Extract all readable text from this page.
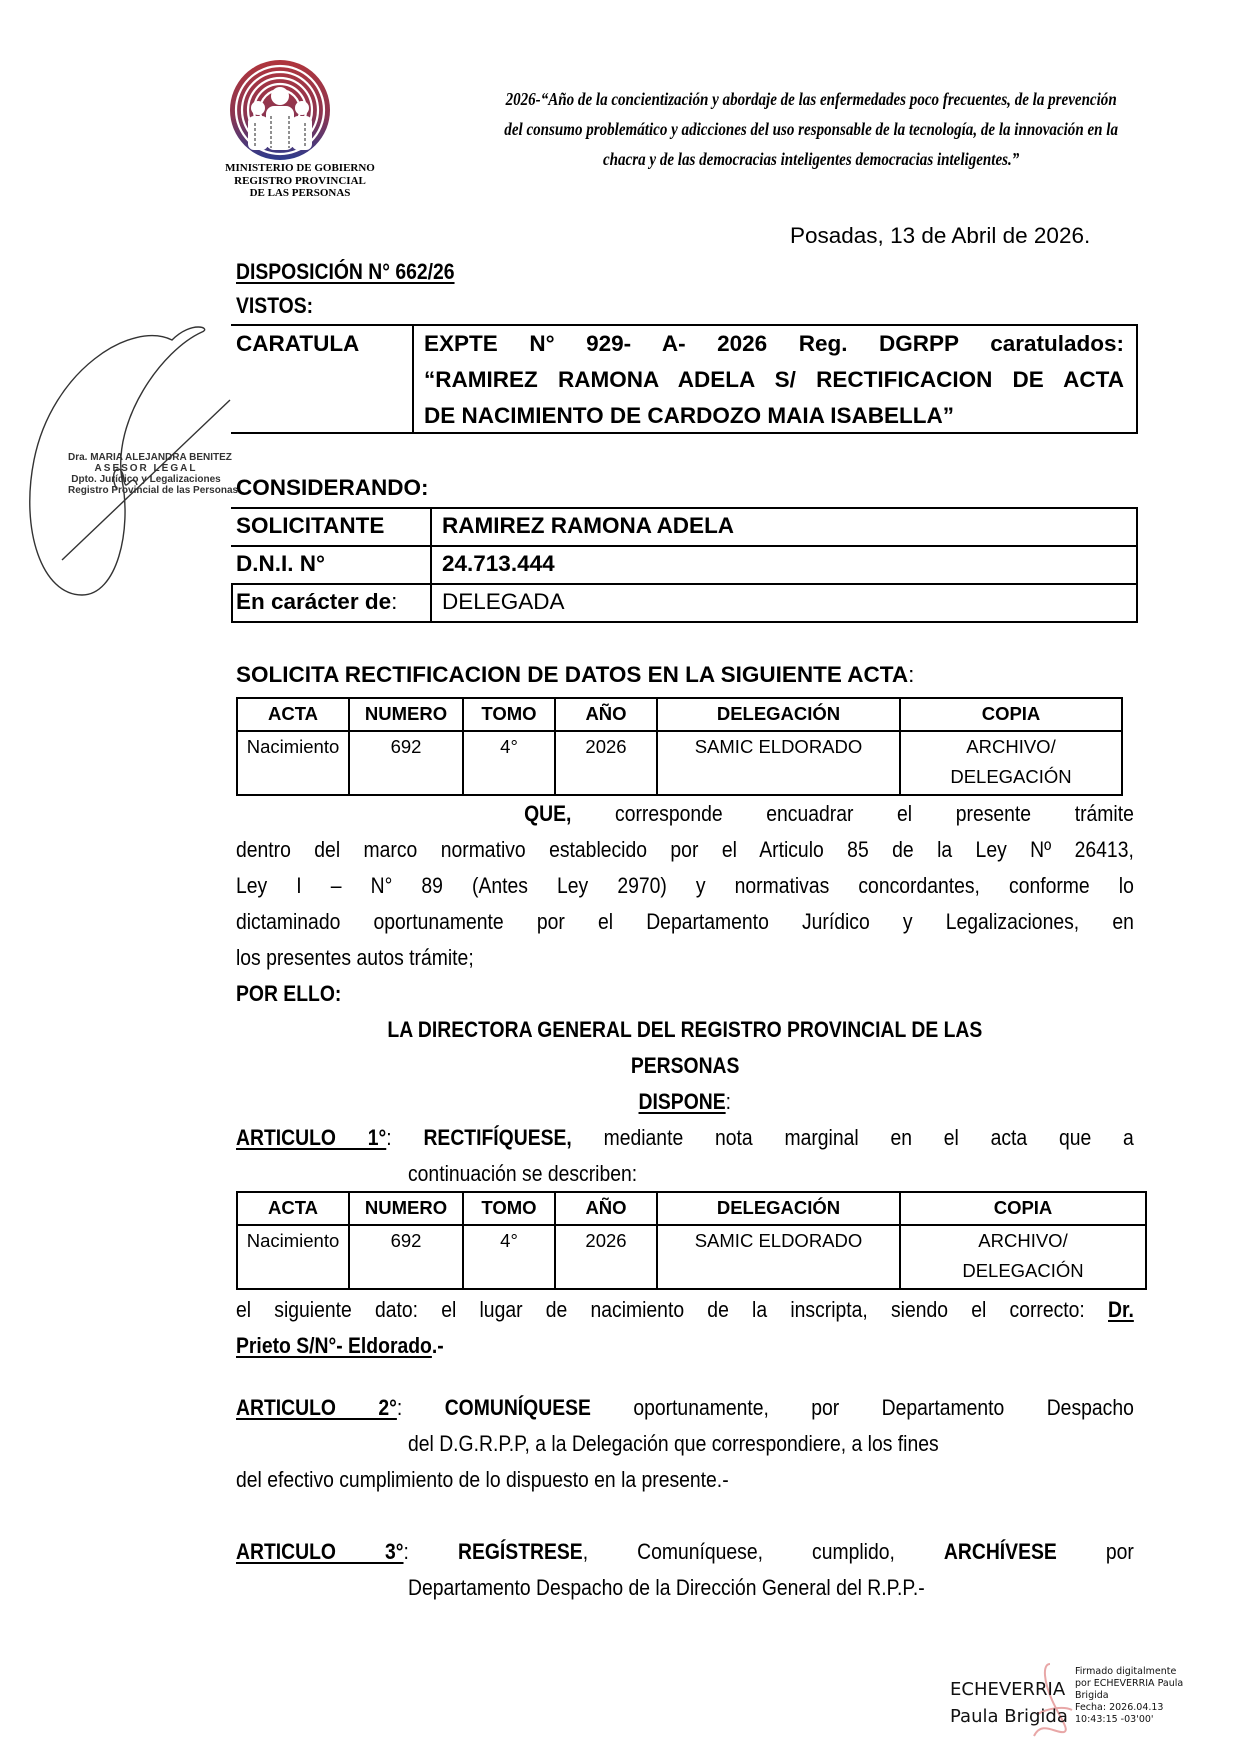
MINISTERIO DE GOBIERNO
REGISTRO PROVINCIAL
DE LAS PERSONAS
2026-“Año de la concientización y abordaje de las enfermedades poco frecuentes, de la prevención
del consumo problemático y adicciones del uso responsable de la tecnología, de la innovación en la
chacra y de las democracias inteligentes democracias inteligentes.”
Dra. MARIA ALEJANDRA BENITEZ
ASESOR LEGAL
Dpto. Jurídico y Legalizaciones
Registro Provincial de las Personas
Posadas, 13 de Abril de 2026.
DISPOSICIÓN N° 662/26
VISTOS:
CARATULA	EXPTE N° 929- A- 2026 Reg. DGRPP caratulados:
“RAMIREZ RAMONA ADELA S/ RECTIFICACION DE ACTA
DE NACIMIENTO DE CARDOZO MAIA ISABELLA”
CONSIDERANDO:
SOLICITANTE	RAMIREZ RAMONA ADELA
D.N.I. N°	24.713.444
En carácter de: DELEGADA
SOLICITA RECTIFICACION DE DATOS EN LA SIGUIENTE ACTA:
ACTA	NUMERO	TOMO	AÑO	DELEGACIÓN	COPIA
Nacimiento	692	4°	2026	SAMIC ELDORADO	ARCHIVO/
DELEGACIÓN
QUE, corresponde encuadrar el presente trámite
dentro del marco normativo establecido por el Articulo 85 de la Ley Nº 26413,
Ley I – N° 89 (Antes Ley 2970) y normativas concordantes, conforme lo
dictaminado oportunamente por el Departamento Jurídico y Legalizaciones, en
los presentes autos trámite;
POR ELLO:
LA DIRECTORA GENERAL DEL REGISTRO PROVINCIAL DE LAS
PERSONAS
DISPONE:
ARTICULO 1°: RECTIFÍQUESE, mediante nota marginal en el acta que a
continuación se describen:
ACTA	NUMERO	TOMO	AÑO	DELEGACIÓN	COPIA
Nacimiento	692	4°	2026	SAMIC ELDORADO	ARCHIVO/
DELEGACIÓN
el siguiente dato: el lugar de nacimiento de la inscripta, siendo el correcto: Dr.
Prieto S/N°- Eldorado.-
ARTICULO 2°: COMUNÍQUESE oportunamente, por Departamento Despacho
del D.G.R.P.P, a la Delegación que correspondiere, a los fines
del efectivo cumplimiento de lo dispuesto en la presente.-
ARTICULO 3°: REGÍSTRESE, Comuníquese, cumplido, ARCHÍVESE por
Departamento Despacho de la Dirección General del R.P.P.-
ECHEVERRIA
Paula Brigida
Firmado digitalmente
por ECHEVERRIA Paula
Brigida
Fecha: 2026.04.13
10:43:15 -03'00'
